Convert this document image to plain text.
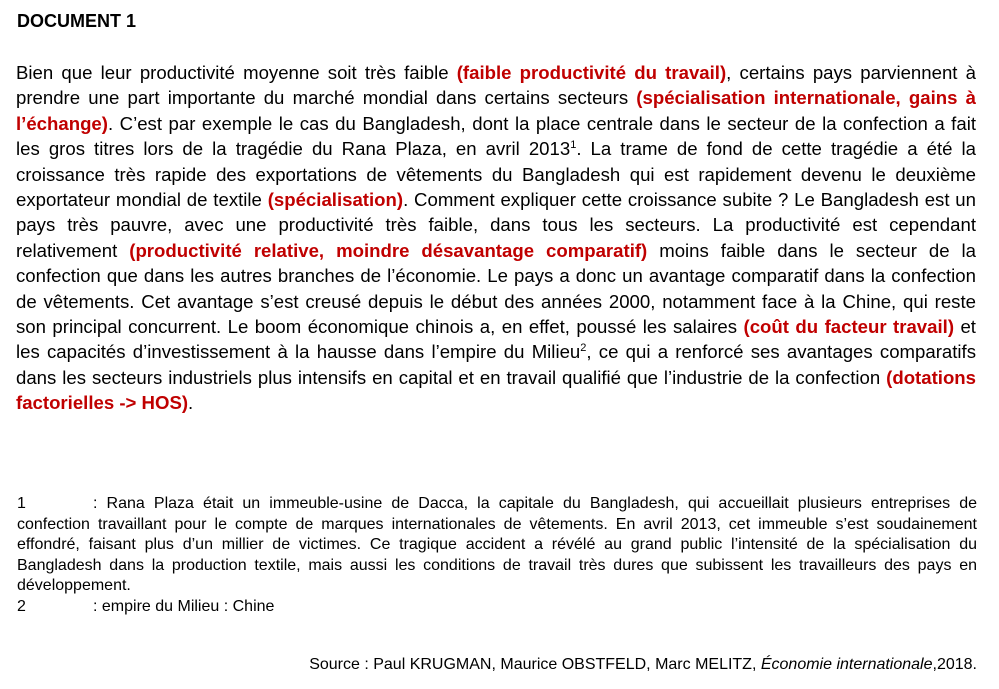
DOCUMENT 1

Bien que leur productivité moyenne soit très faible (faible productivité du travail), certains pays parviennent à prendre une part importante du marché mondial dans certains secteurs (spécialisation internationale, gains à l’échange). C’est par exemple le cas du Bangladesh, dont la place centrale dans le secteur de la confection a fait les gros titres lors de la tragédie du Rana Plaza, en avril 2013$^1$. La trame de fond de cette tragédie a été la croissance très rapide des exportations de vêtements du Bangladesh qui est rapidement devenu le deuxième exportateur mondial de textile (spécialisation). Comment expliquer cette croissance subite ? Le Bangladesh est un pays très pauvre, avec une productivité très faible, dans tous les secteurs. La productivité est cependant relativement (productivité relative, moindre désavantage comparatif) moins faible dans le secteur de la confection que dans les autres branches de l’économie. Le pays a donc un avantage comparatif dans la confection de vêtements. Cet avantage s’est creusé depuis le début des années 2000, notamment face à la Chine, qui reste son principal concurrent. Le boom économique chinois a, en effet, poussé les salaires (coût du facteur travail) et les capacités d’investissement à la hausse dans l’empire du Milieu$^2$, ce qui a renforcé ses avantages comparatifs dans les secteurs industriels plus intensifs en capital et en travail qualifié que l’industrie de la confection (dotations factorielles -> HOS).

1	: Rana Plaza était un immeuble-usine de Dacca, la capitale du Bangladesh, qui accueillait plusieurs entreprises de confection travaillant pour le compte de marques internationales de vêtements. En avril 2013, cet immeuble s’est soudainement effondré, faisant plus d’un millier de victimes. Ce tragique accident a révélé au grand public l’intensité de la spécialisation du Bangladesh dans la production textile, mais aussi les conditions de travail très dures que subissent les travailleurs des pays en développement.
2	: empire du Milieu : Chine
Source : Paul KRUGMAN, Maurice OBSTFELD, Marc MELITZ, Économie internationale,2018.
